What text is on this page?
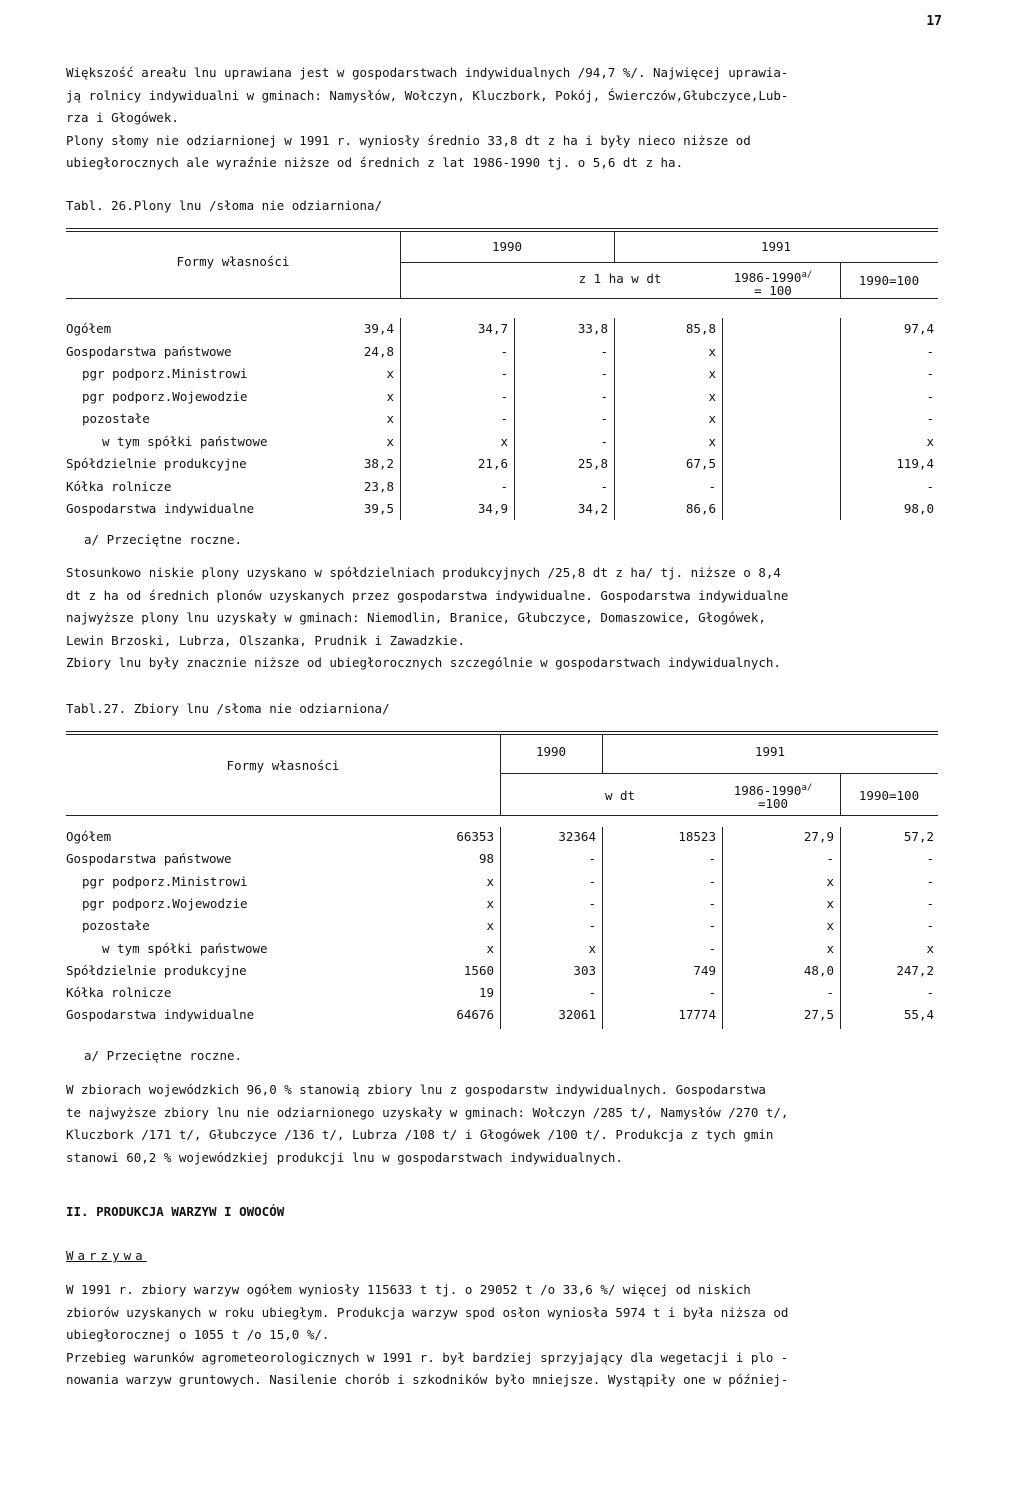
17

Większość areału lnu uprawiana jest w gospodarstwach indywidualnych /94,7 %/. Najwięcej uprawia-

ją rolnicy indywidualni w gminach: Namysłów, Wołczyn, Kluczbork, Pokój, Świerczów,Głubczyce,Lub-

rza i Głogówek.

Plony słomy nie odziarnionej w 1991 r. wyniosły średnio 33,8 dt z ha i były nieco niższe od

ubiegłorocznych ale wyraźnie niższe od średnich z lat 1986-1990 tj. o 5,6 dt z ha.

Tabl. 26.Plony lnu /słoma nie odziarniona/
Formy własności
1990	1991
z 1 ha w dt	$1986-1990^{a/}$
= 100
1990=100
Ogółem	39,4	34,7	33,8	85,8	97,4
Gospodarstwa państwowe	24,8	-	-	x	-
pgr podporz.Ministrowi	x	-	-	x	-
pgr podporz.Wojewodzie	x	-	-	x	-
pozostałe	x	-	-	x	-
w tym spółki państwowe	x	x	-	x	x
Spółdzielnie produkcyjne	38,2	21,6	25,8	67,5	119,4
Kółka rolnicze	23,8	-	-	-	-
Gospodarstwa indywidualne	39,5	34,9	34,2	86,6	98,0
a/ Przeciętne roczne.

Stosunkowo niskie plony uzyskano w spółdzielniach produkcyjnych /25,8 dt z ha/ tj. niższe o 8,4

dt z ha od średnich plonów uzyskanych przez gospodarstwa indywidualne. Gospodarstwa indywidualne

najwyższe plony lnu uzyskały w gminach: Niemodlin, Branice, Głubczyce, Domaszowice, Głogówek,

Lewin Brzoski, Lubrza, Olszanka, Prudnik i Zawadzkie.

Zbiory lnu były znacznie niższe od ubiegłorocznych szczególnie w gospodarstwach indywidualnych.

Tabl.27. Zbiory lnu /słoma nie odziarniona/
Formy własności
1990	1991
w dt	$1986-1990^{a/}$
=100
1990=100
Ogółem	66353	32364	18523	27,9	57,2
Gospodarstwa państwowe	98	-	-	-	-
pgr podporz.Ministrowi	x	-	-	x	-
pgr podporz.Wojewodzie	x	-	-	x	-
pozostałe	x	-	-	x	-
w tym spółki państwowe	x	x	-	x	x
Spółdzielnie produkcyjne	1560	303	749	48,0	247,2
Kółka rolnicze	19	-	-	-	-
Gospodarstwa indywidualne	64676	32061	17774	27,5	55,4
a/ Przeciętne roczne.

W zbiorach wojewódzkich 96,0 % stanowią zbiory lnu z gospodarstw indywidualnych. Gospodarstwa

te najwyższe zbiory lnu nie odziarnionego uzyskały w gminach: Wołczyn /285 t/, Namysłów /270 t/,

Kluczbork /171 t/, Głubczyce /136 t/, Lubrza /108 t/ i Głogówek /100 t/. Produkcja z tych gmin

stanowi 60,2 % wojewódzkiej produkcji lnu w gospodarstwach indywidualnych.

II. PRODUKCJA WARZYW I OWOCÓW
Warzywa

W 1991 r. zbiory warzyw ogółem wyniosły 115633 t tj. o 29052 t /o 33,6 %/ więcej od niskich

zbiorów uzyskanych w roku ubiegłym. Produkcja warzyw spod osłon wyniosła 5974 t i była niższa od

ubiegłorocznej o 1055 t /o 15,0 %/.

Przebieg warunków agrometeorologicznych w 1991 r. był bardziej sprzyjający dla wegetacji i plo -

nowania warzyw gruntowych. Nasilenie chorób i szkodników było mniejsze. Wystąpiły one w później-
